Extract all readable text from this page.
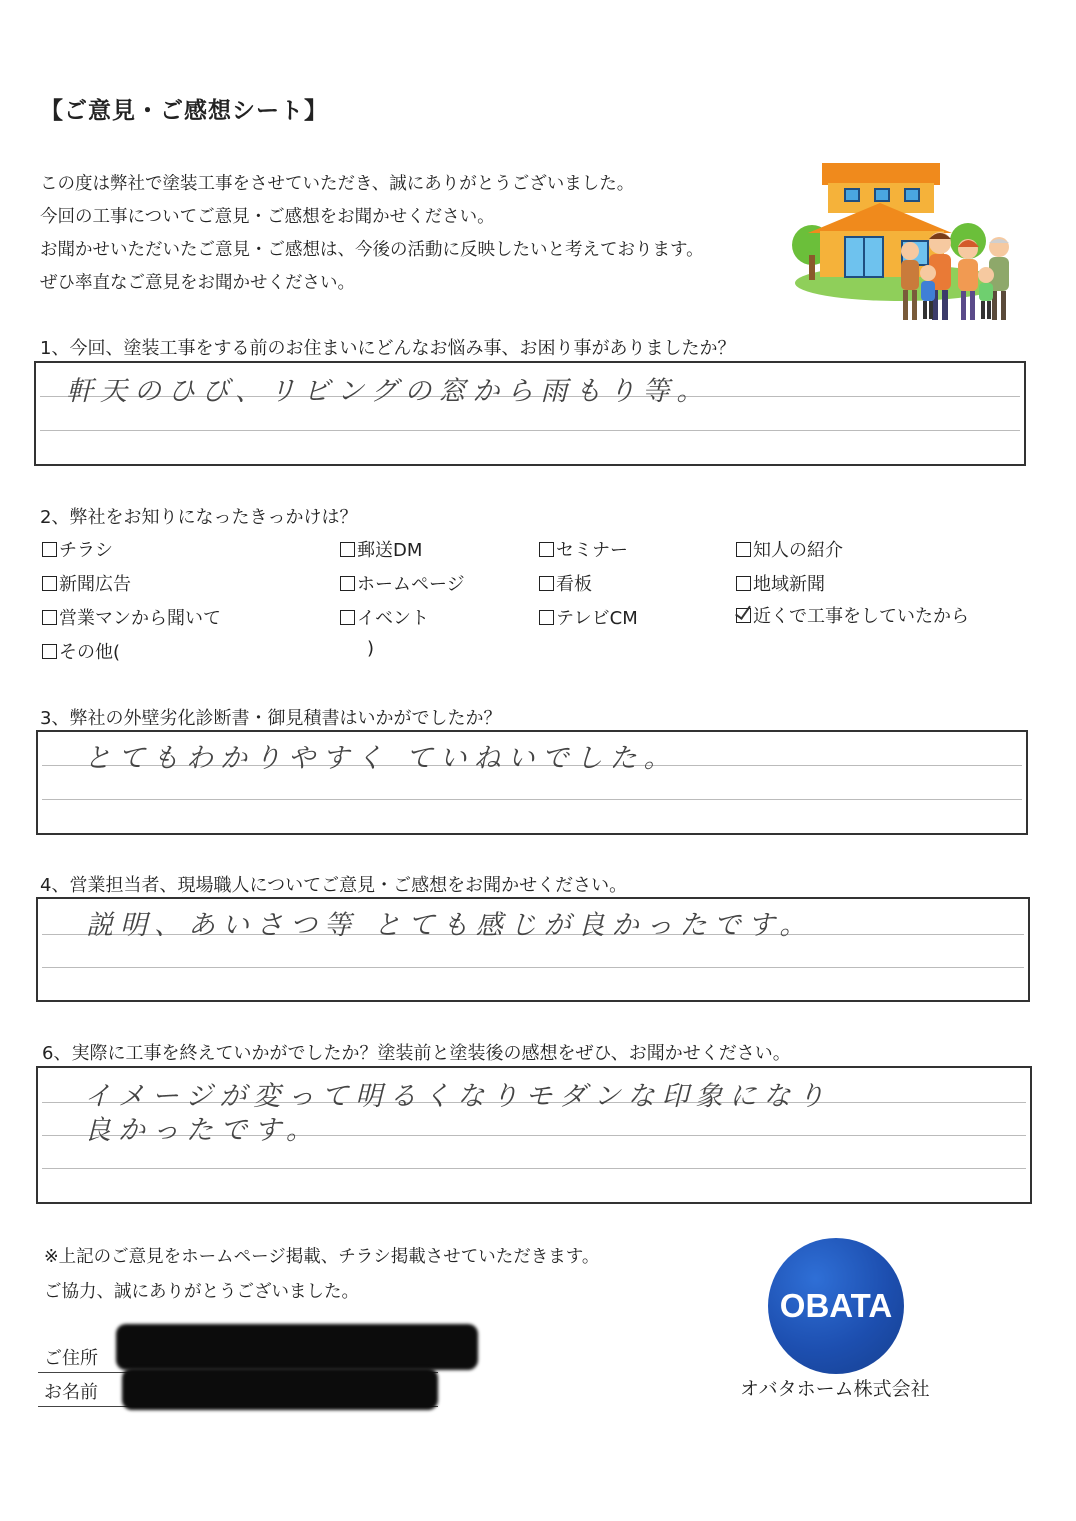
【ご意見・ご感想シート】
この度は弊社で塗装工事をさせていただき、誠にありがとうございました。
今回の工事についてご意見・ご感想をお聞かせください。
お聞かせいただいたご意見・ご感想は、今後の活動に反映したいと考えております。
ぜひ率直なご意見をお聞かせください。
1、今回、塗装工事をする前のお住まいにどんなお悩み事、お困り事がありましたか？
軒天のひび、リビングの窓から雨もり等。
2、弊社をお知りになったきっかけは？
チラシ	郵送DM	セミナー	知人の紹介
新聞広告	ホームページ	看板	地域新聞
営業マンから聞いて	イベント	テレビCM	近くで工事をしていたから
その他(	)
3、弊社の外壁劣化診断書・御見積書はいかがでしたか？
とてもわかりやすく ていねいでした。
4、営業担当者、現場職人についてご意見・ご感想をお聞かせください。
説明、あいさつ等 とても感じが良かったです。
6、実際に工事を終えていかがでしたか？塗装前と塗装後の感想をぜひ、お聞かせください。
イメージが変って明るくなりモダンな印象になり
良かったです。
※上記のご意見をホームページ掲載、チラシ掲載させていただきます。
ご協力、誠にありがとうございました。
ご住所
お名前
OBATA
オバタホーム株式会社
